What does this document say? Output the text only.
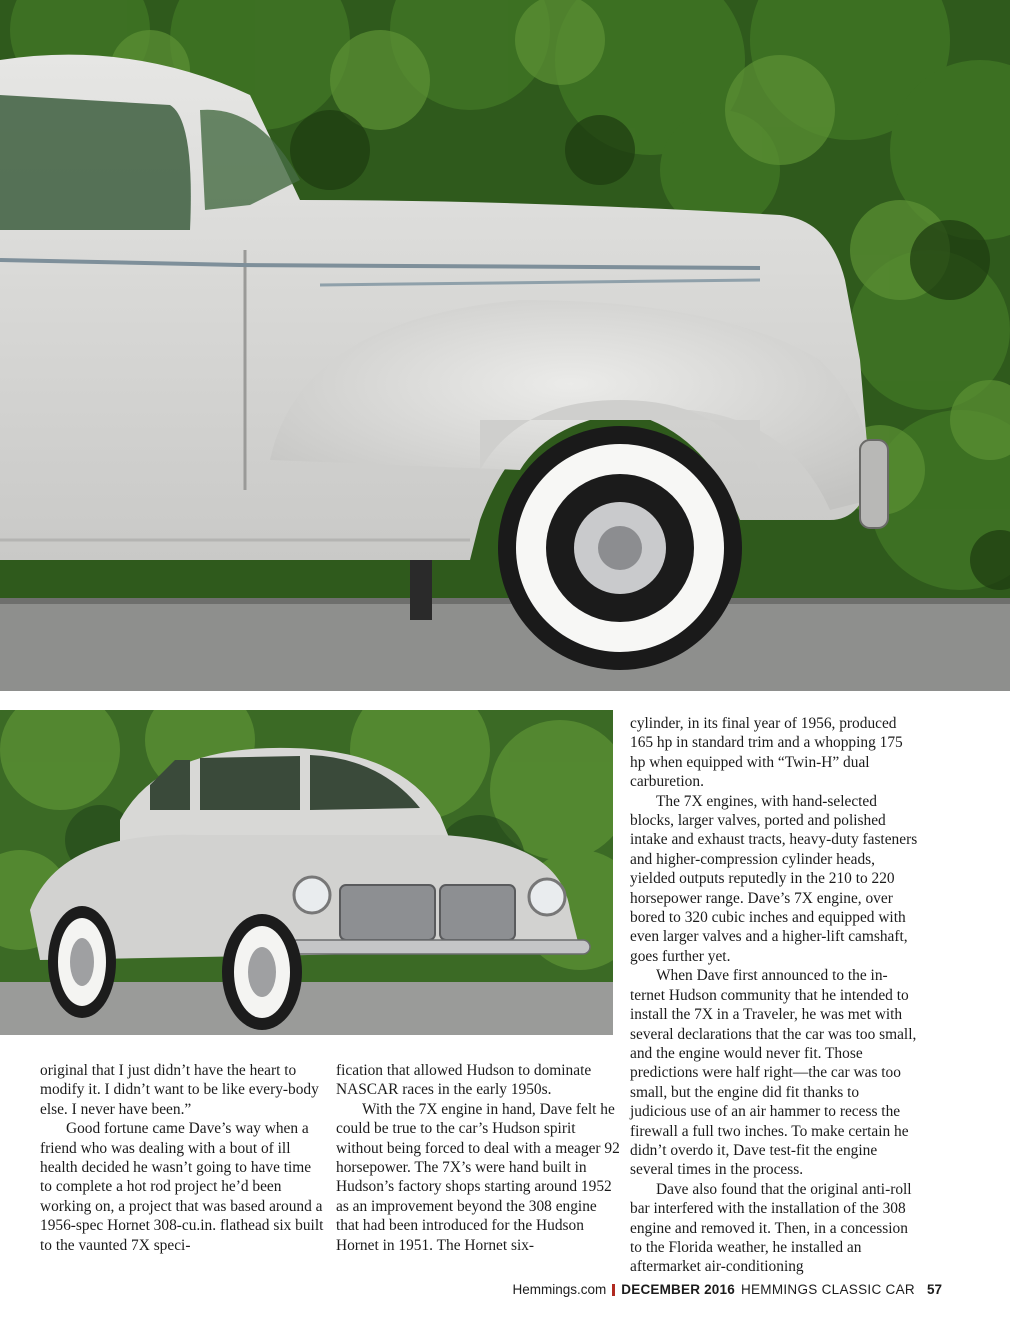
original that I just didn’t have the heart to modify it. I didn’t want to be like every-body else. I never have been.”

Good fortune came Dave’s way when a friend who was dealing with a bout of ill health decided he wasn’t going to have time to complete a hot rod project he’d been working on, a project that was based around a 1956-spec Hornet 308-cu.in. flathead six built to the vaunted 7X speci-

fication that allowed Hudson to dominate NASCAR races in the early 1950s.

With the 7X engine in hand, Dave felt he could be true to the car’s Hudson spirit without being forced to deal with a meager 92 horsepower. The 7X’s were hand built in Hudson’s factory shops starting around 1952 as an improvement beyond the 308 engine that had been introduced for the Hudson Hornet in 1951. The Hornet six-

cylinder, in its final year of 1956, produced 165 hp in standard trim and a whopping 175 hp when equipped with “Twin-H” dual carburetion.

The 7X engines, with hand-selected blocks, larger valves, ported and polished intake and exhaust tracts, heavy-duty fasteners and higher-compression cylinder heads, yielded outputs reputedly in the 210 to 220 horsepower range. Dave’s 7X engine, over bored to 320 cubic inches and equipped with even larger valves and a higher-lift camshaft, goes further yet.

When Dave first announced to the in-ternet Hudson community that he intended to install the 7X in a Traveler, he was met with several declarations that the car was too small, and the engine would never fit. Those predictions were half right—the car was too small, but the engine did fit thanks to judicious use of an air hammer to recess the firewall a full two inches. To make certain he didn’t overdo it, Dave test-fit the engine several times in the process.

Dave also found that the original anti-roll bar interfered with the installation of the 308 engine and removed it. Then, in a concession to the Florida weather, he installed an aftermarket air-conditioning

Hemmings.com DECEMBER 2016 HEMMINGS CLASSIC CAR 57
